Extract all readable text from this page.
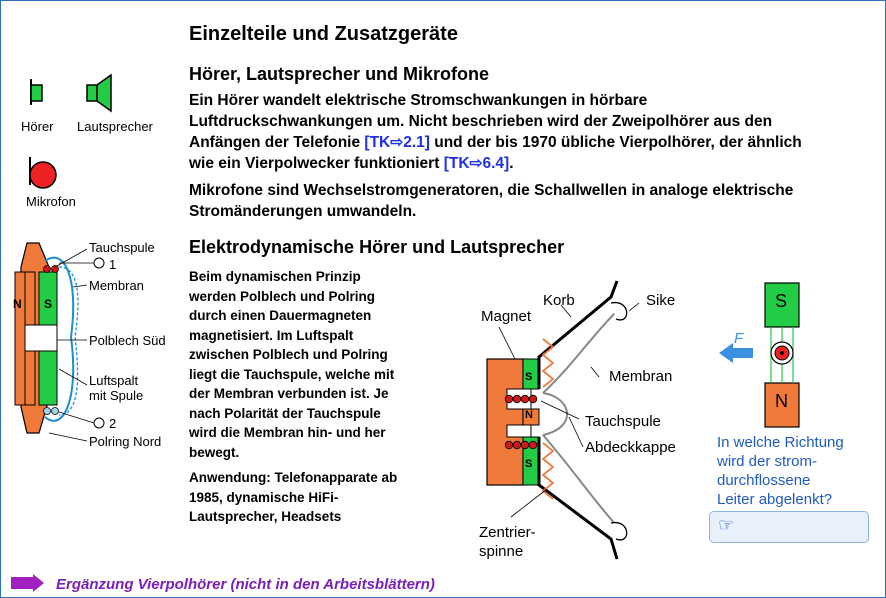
Einzelteile und Zusatzgeräte
Hörer Lautsprecher
Mikrofon
Hörer, Lautsprecher und Mikrofone
Ein Hörer wandelt elektrische Stromschwankungen in hörbare
Luftdruckschwankungen um. Nicht beschrieben wird der Zweipolhörer aus den
Anfängen der Telefonie [TK⇨2.1] und der bis 1970 übliche Vierpolhörer, der ähnlich
wie ein Vierpolwecker funktioniert [TK⇨6.4].
Mikrofone sind Wechselstromgeneratoren, die Schallwellen in analoge elektrische
Stromänderungen umwandeln.
Elektrodynamische Hörer und Lautsprecher
Beim dynamischen Prinzip
werden Polblech und Polring
durch einen Dauermagneten
magnetisiert. Im Luftspalt
zwischen Polblech und Polring
liegt die Tauchspule, welche mit
der Membran verbunden ist. Je
nach Polarität der Tauchspule
wird die Membran hin- und her
bewegt.
Anwendung: Telefonapparate ab
1985, dynamische HiFi-
Lautsprecher, Headsets
N S
Tauchspule
1
Membran
Polblech Süd
Luftspalt
mit Spule
2
Polring Nord
S
N
S
Magnet
Korb	Sike
Membran
Tauchspule
Abdeckkappe
Zentrier-
spinne
S
N
F
In welche Richtung
wird der strom-
durchflossene
Leiter abgelenkt?
☞
Ergänzung Vierpolhörer (nicht in den Arbeitsblättern)
